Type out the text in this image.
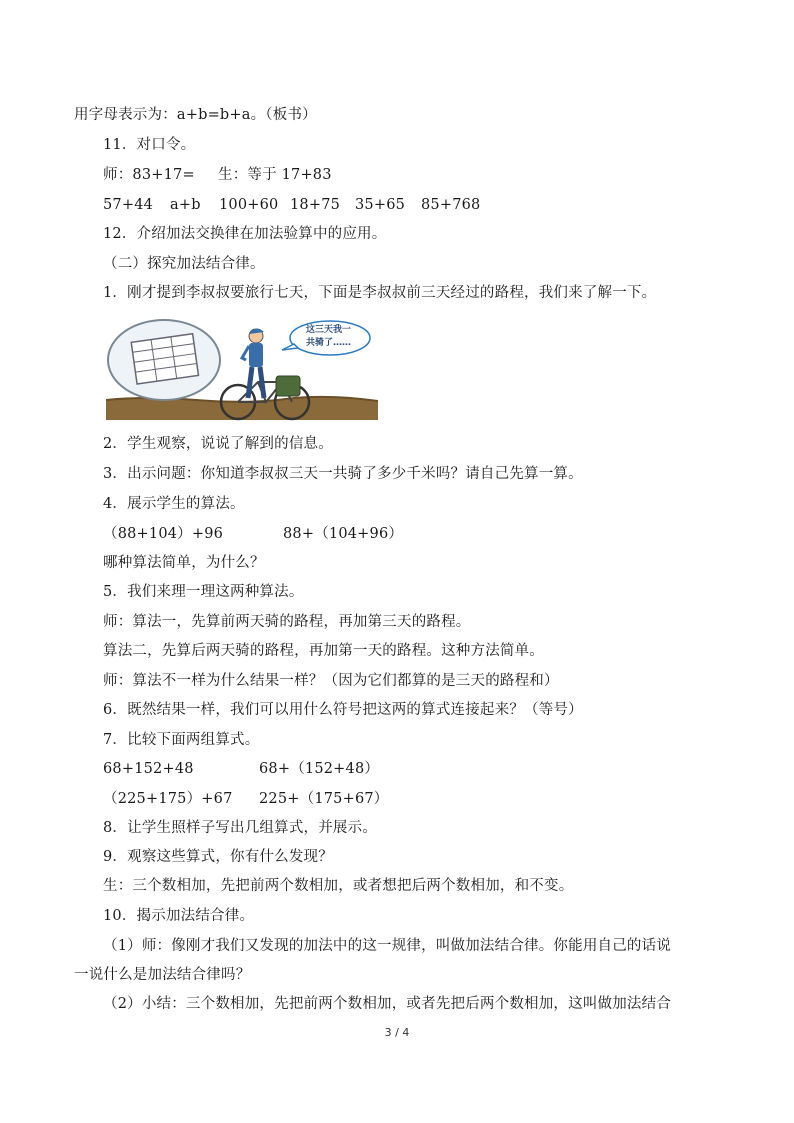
用字母表示为：a+b=b+a。（板书）
11．对口令。
师：83+17= 生：等于 17+83
57+44 a+b 100+60 18+75 35+65 85+768
12．介绍加法交换律在加法验算中的应用。
（二）探究加法结合律。
1．刚才提到李叔叔要旅行七天，下面是李叔叔前三天经过的路程，我们来了解一下。
这三天我一
共骑了……
2．学生观察，说说了解到的信息。
3．出示问题：你知道李叔叔三天一共骑了多少千米吗？请自己先算一算。
4．展示学生的算法。
（88+104）+96	88+（104+96）
哪种算法简单，为什么？
5．我们来理一理这两种算法。
师：算法一，先算前两天骑的路程，再加第三天的路程。
算法二，先算后两天骑的路程，再加第一天的路程。这种方法简单。
师：算法不一样为什么结果一样？（因为它们都算的是三天的路程和）
6．既然结果一样，我们可以用什么符号把这两的算式连接起来？（等号）
7．比较下面两组算式。
68+152+48	68+（152+48）
（225+175）+67 225+（175+67）
8．让学生照样子写出几组算式，并展示。
9．观察这些算式，你有什么发现？
生：三个数相加，先把前两个数相加，或者想把后两个数相加，和不变。
10．揭示加法结合律。
（1）师：像刚才我们又发现的加法中的这一规律，叫做加法结合律。你能用自己的话说
一说什么是加法结合律吗？
（2）小结：三个数相加，先把前两个数相加，或者先把后两个数相加，这叫做加法结合
3 / 4
